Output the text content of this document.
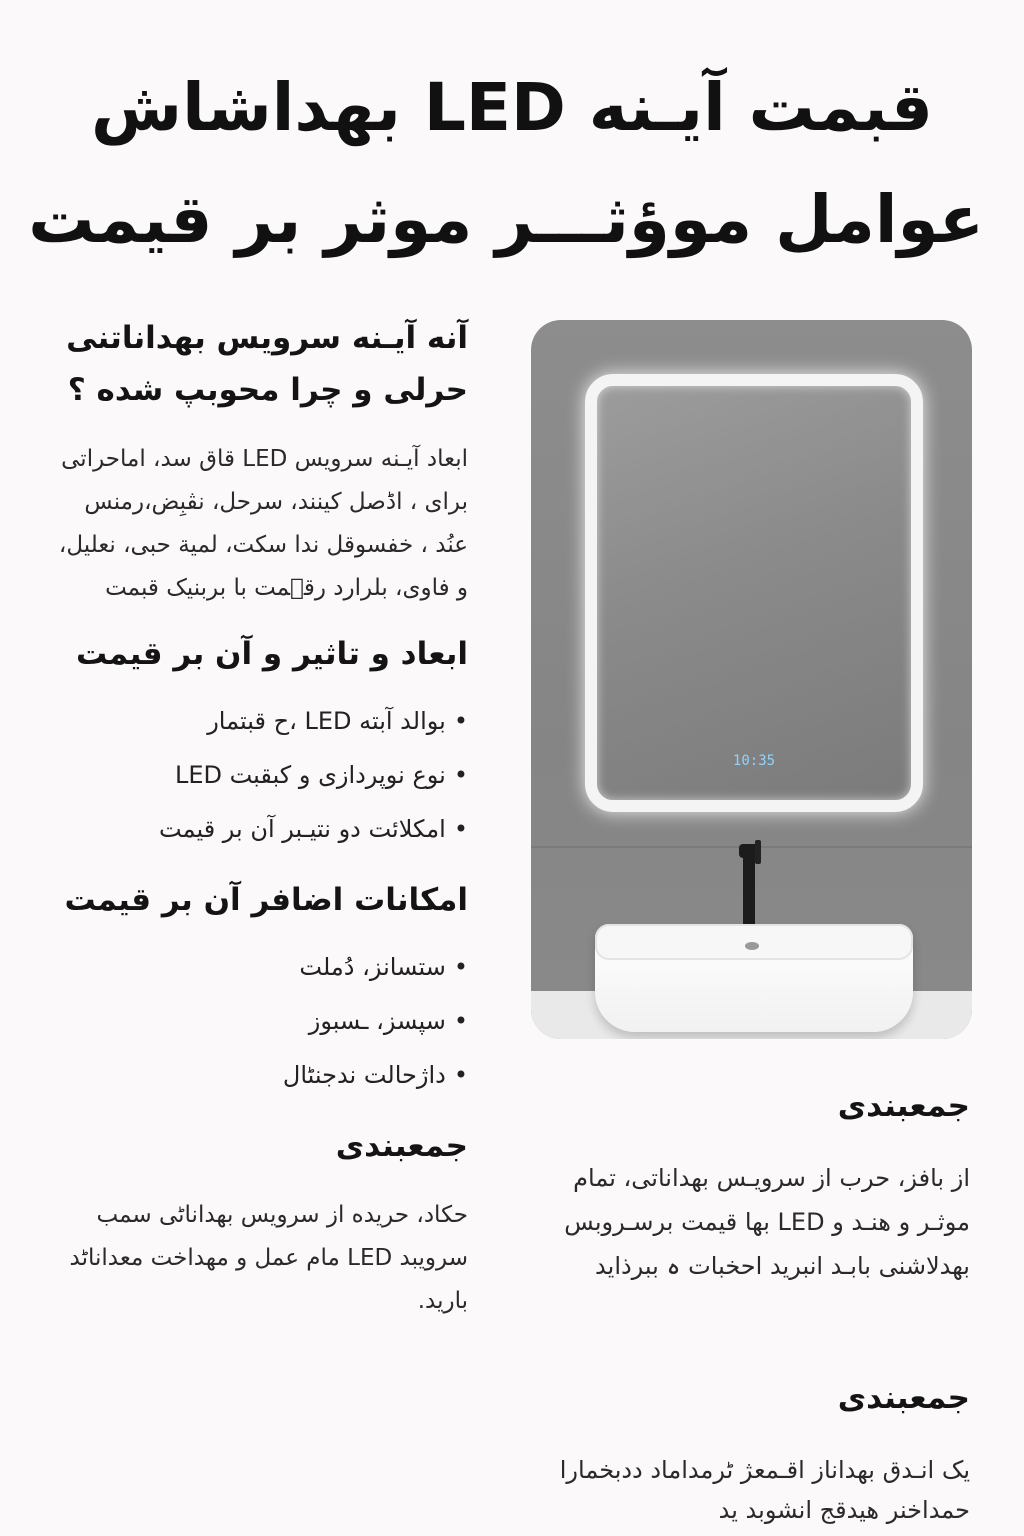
قبمت آیـنه LED بهداشاش
عوامل موؤثـــر موثر بر قیمت
آنه آیـنه سرویس بهداناتنی حرلی و چرا محوبپ شده ؟

ابعاد آیـنه سرویس LED قاق سد، اماحراتی برای ، اڈصل کینند، سرحل، نڤبِض،رمنس عنُد ، خفسوقل ندا سکت، لمیة حبی، نعلیل، و فاوی، بلرارد رقٖمت با بربنیک قبمت

ابعاد و تاثیر و آن بر قیمت
•بوالد آبته LED ،ح قبتمار
•نوع نوپردازی و کبقبت LED
•امکلائت دو نتیـبر آن بر قیمت
امکانات اضافر آن بر قیمت
•ستسانز، دُملت
•سپسز، ـسبوز
•داژحالت ندجنٹال
جمعبندی

حکاد، حریده از سرویس بهداناٹی سمب سرویبد LED مام عمل و مهداخت معداناٹد بارید.

10:35
جمعبندی

از بافز، حرب از سرویـس بهداناتی، تمام موثـر و هنـد و LED بها قیمت برسـروبس بهدلاشنی بابـد انبرید احخبات ہ ببرذاید

جمعبندی

یک انـدق بهداناز اقـمعژ ٹرمداماد ددبخمارا حمداخنر هیدقج انشوبد ید
